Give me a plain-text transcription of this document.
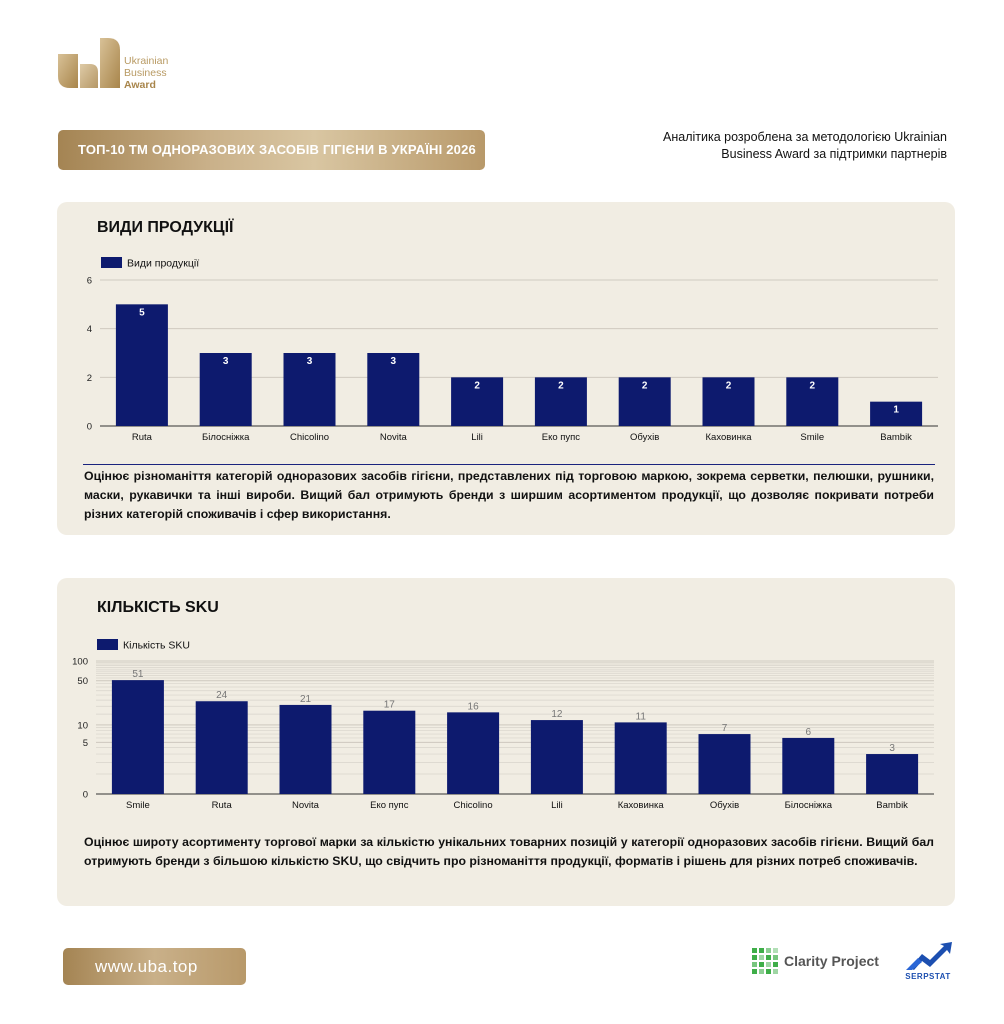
Ukrainian
Business
Award
ТОП-10 ТМ ОДНОРАЗОВИХ ЗАСОБІВ ГІГІЄНИ В УКРАЇНІ 2026
Аналітика розроблена за методологією Ukrainian
Business Award за підтримки партнерів
ВИДИ ПРОДУКЦІЇ
0
2
4
6
Види продукції
5
Ruta
3
Білосніжка
3
Chicolino
3
Novita
2
Lili
2
Еко пупс
2
Обухів
2
Каховинка
2
Smile
1
Bambik
Оцінює різноманіття категорій одноразових засобів гігієни, представлених під торговою маркою, зокрема серветки, пелюшки, рушники, маски, рукавички та інші вироби. Вищий бал отримують бренди з ширшим асортиментом продукції, що дозволяє покривати потреби різних категорій споживачів і сфер використання.
КІЛЬКІСТЬ SKU
0
5
10
50
100
Кількість SKU
51
Smile
24
Ruta
21
Novita
17
Еко пупс
16
Chicolino
12
Lili
11
Каховинка
7
Обухів
6
Білосніжка
3
Bambik
Оцінює широту асортименту торгової марки за кількістю унікальних товарних позицій у категорії одноразових засобів гігієни. Вищий бал отримують бренди з більшою кількістю SKU, що свідчить про різноманіття продукції, форматів і рішень для різних потреб споживачів.
www.uba.top	Clarity Project
SERPSTAT
